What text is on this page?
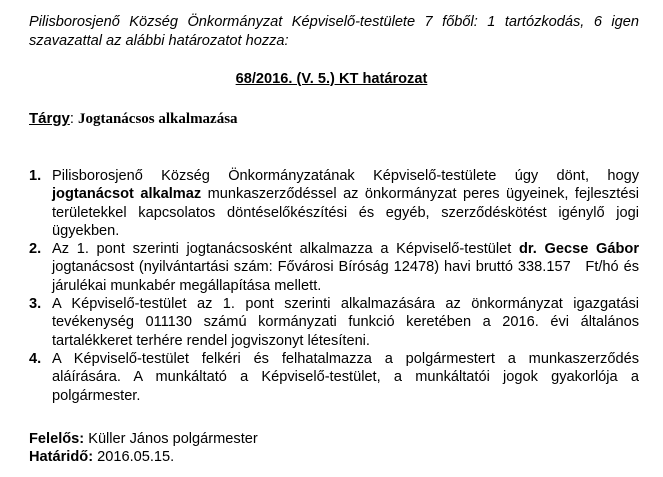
Pilisborosjenő Község Önkormányzat Képviselő-testülete 7 főből: 1 tartózkodás, 6 igen szavazattal az alábbi határozatot hozza:
68/2016. (V. 5.) KT határozat
Tárgy: Jogtanácsos alkalmazása
1. Pilisborosjenő Község Önkormányzatának Képviselő-testülete úgy dönt, hogy jogtanácsot alkalmaz munkaszerződéssel az önkormányzat peres ügyeinek, fejlesztési területekkel kapcsolatos döntéselőkészítési és egyéb, szerződéskötést igénylő jogi ügyekben.
2. Az 1. pont szerinti jogtanácsosként alkalmazza a Képviselő-testület dr. Gecse Gábor jogtanácsost (nyilvántartási szám: Fővárosi Bíróság 12478) havi bruttó 338.157   Ft/hó és járulékai munkabér megállapítása mellett.
3. A Képviselő-testület az 1. pont szerinti alkalmazására az önkormányzat igazgatási tevékenység 011130 számú kormányzati funkció keretében a 2016. évi általános tartalékkeret terhére rendel jogviszonyt létesíteni.
4. A Képviselő-testület felkéri és felhatalmazza a polgármestert a munkaszerződés aláírására. A munkáltató a Képviselő-testület, a munkáltatói jogok gyakorlója a polgármester.
Felelős: Küller János polgármester
Határidő: 2016.05.15.
